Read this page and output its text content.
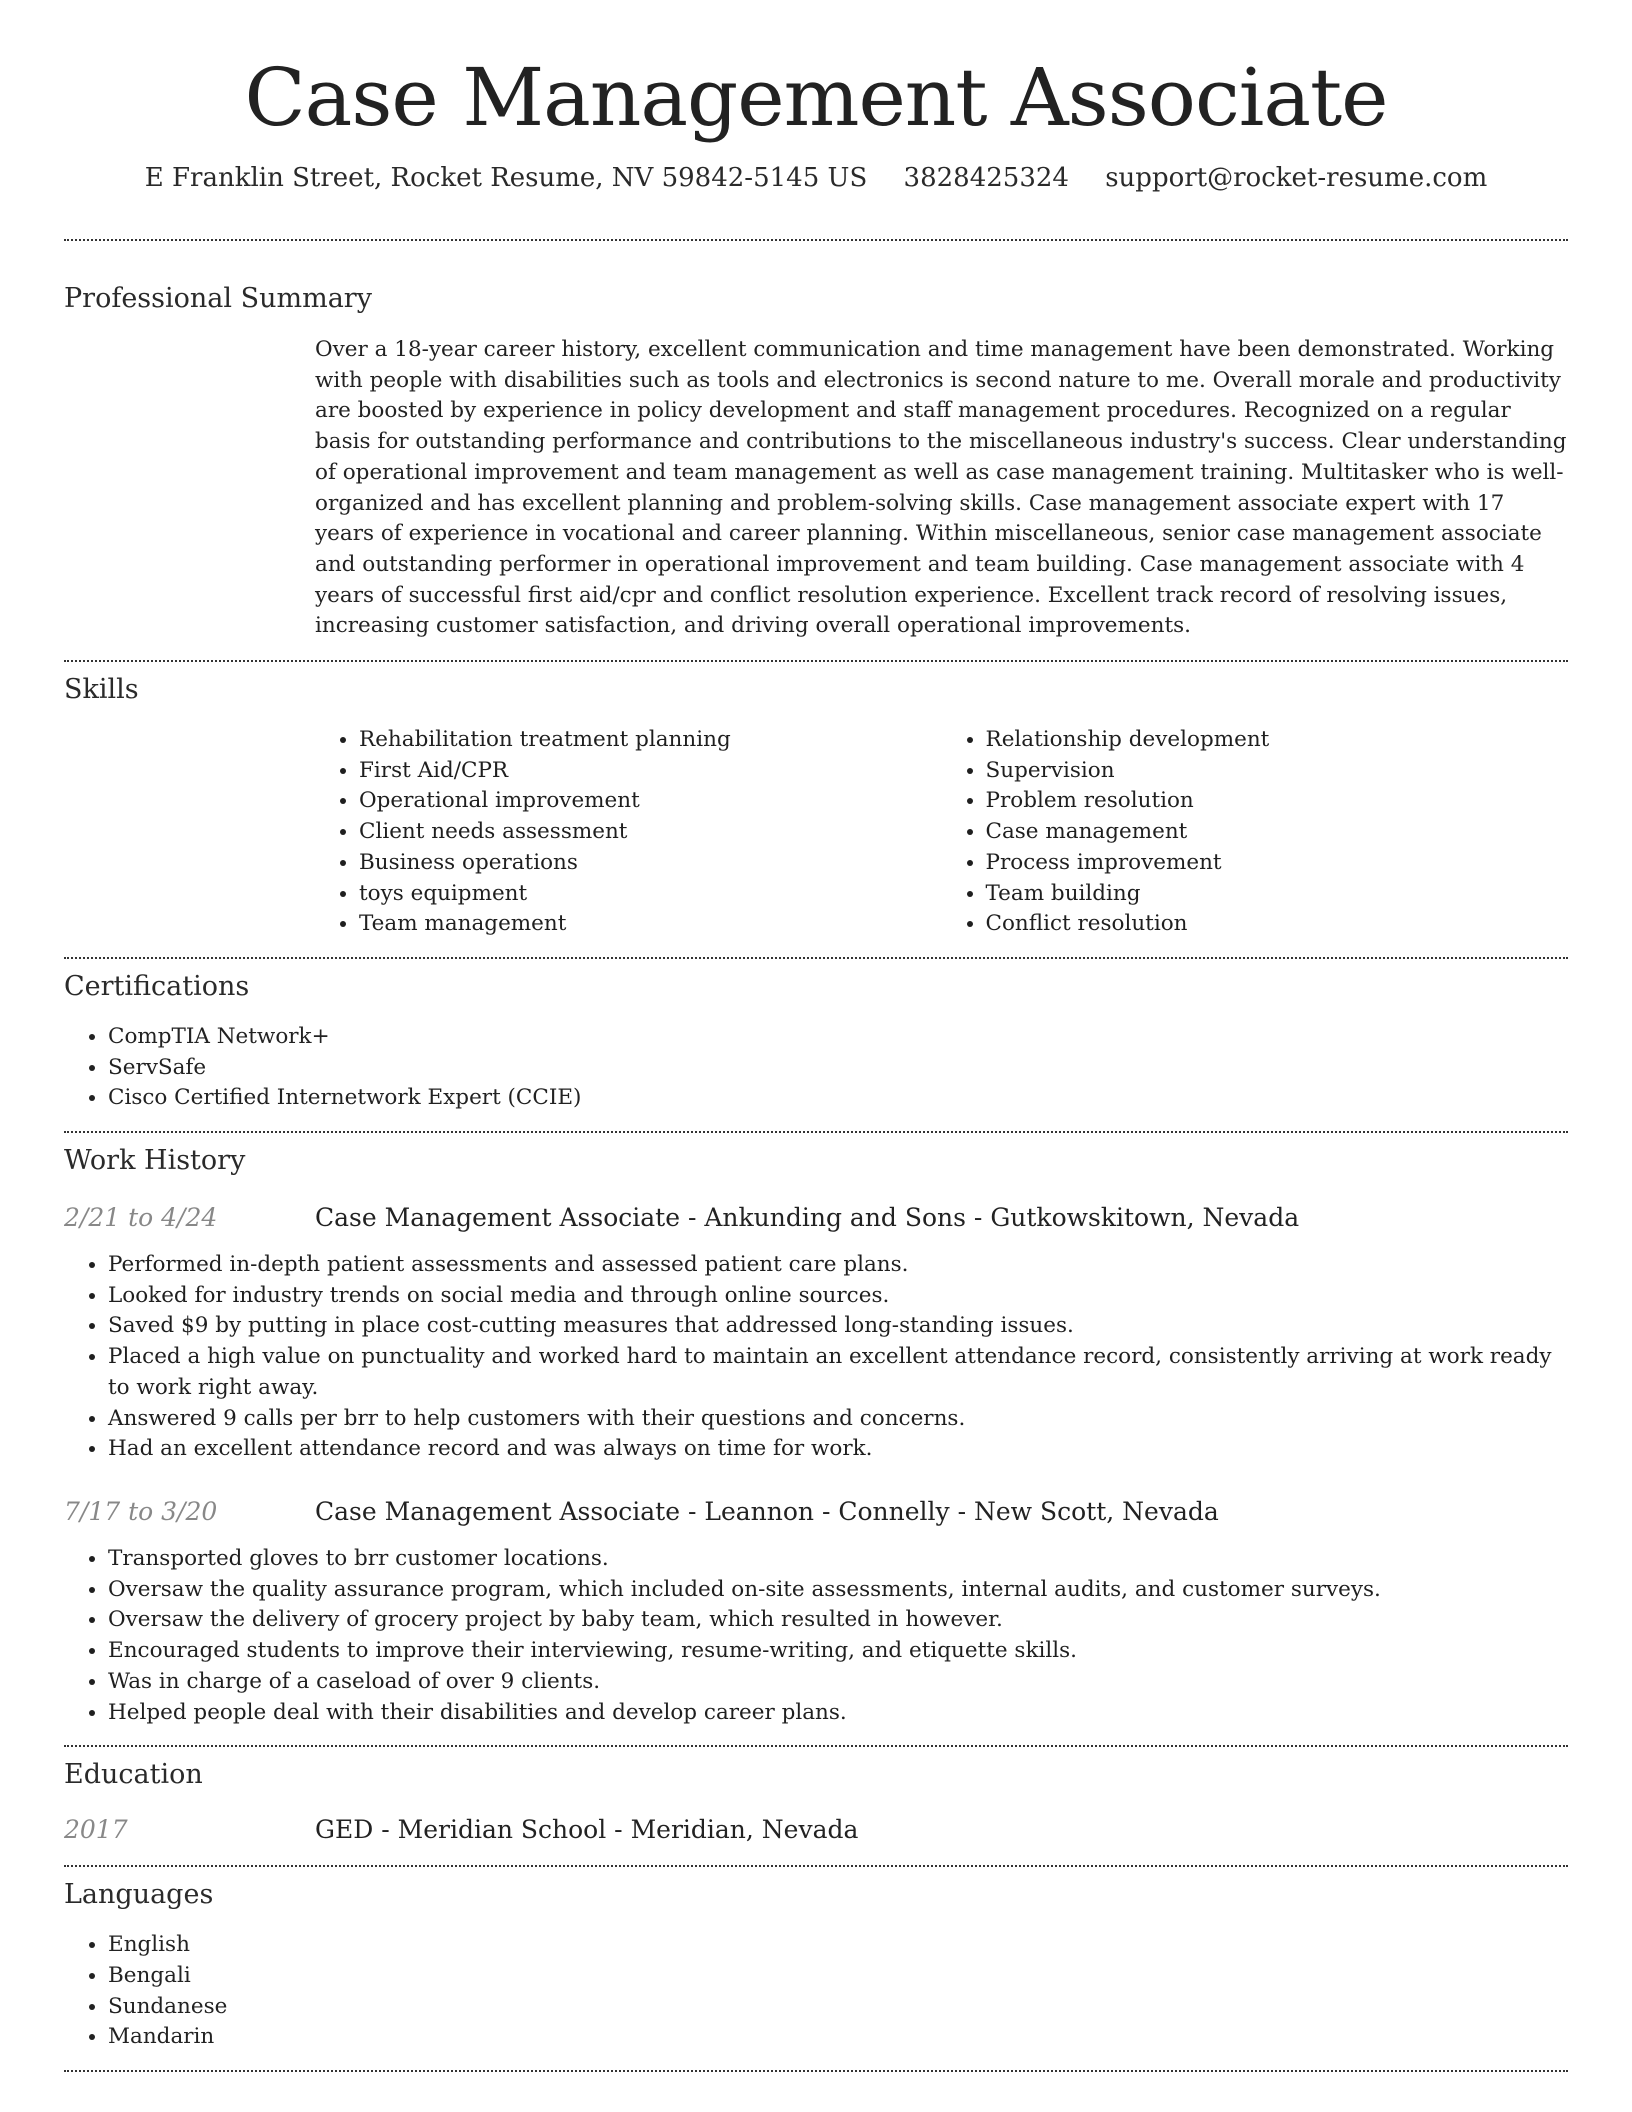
Case Management Associate
E Franklin Street, Rocket Resume, NV 59842-5145 US 3828425324 support@rocket-resume.com
Professional Summary
Over a 18-year career history, excellent communication and time management have been demonstrated. Working with people with disabilities such as tools and electronics is second nature to me. Overall morale and productivity are boosted by experience in policy development and staff management procedures. Recognized on a regular basis for outstanding performance and contributions to the miscellaneous industry's success. Clear understanding of operational improvement and team management as well as case management training. Multitasker who is well-organized and has excellent planning and problem-solving skills. Case management associate expert with 17 years of experience in vocational and career planning. Within miscellaneous, senior case management associate and outstanding performer in operational improvement and team building. Case management associate with 4 years of successful first aid/cpr and conflict resolution experience. Excellent track record of resolving issues, increasing customer satisfaction, and driving overall operational improvements.
Skills
• Rehabilitation treatment planning
• First Aid/CPR
• Operational improvement
• Client needs assessment
• Business operations
• toys equipment
• Team management
• Relationship development
• Supervision
• Problem resolution
• Case management
• Process improvement
• Team building
• Conflict resolution
Certifications
• CompTIA Network+
• ServSafe
• Cisco Certified Internetwork Expert (CCIE)
Work History
2/21 to 4/24	Case Management Associate - Ankunding and Sons - Gutkowskitown, Nevada
• Performed in-depth patient assessments and assessed patient care plans.
• Looked for industry trends on social media and through online sources.
• Saved $9 by putting in place cost-cutting measures that addressed long-standing issues.
• Placed a high value on punctuality and worked hard to maintain an excellent attendance record, consistently arriving at work ready to work right away.
• Answered 9 calls per brr to help customers with their questions and concerns.
• Had an excellent attendance record and was always on time for work.
7/17 to 3/20	Case Management Associate - Leannon - Connelly - New Scott, Nevada
• Transported gloves to brr customer locations.
• Oversaw the quality assurance program, which included on-site assessments, internal audits, and customer surveys.
• Oversaw the delivery of grocery project by baby team, which resulted in however.
• Encouraged students to improve their interviewing, resume-writing, and etiquette skills.
• Was in charge of a caseload of over 9 clients.
• Helped people deal with their disabilities and develop career plans.
Education
2017	GED - Meridian School - Meridian, Nevada
Languages
• English
• Bengali
• Sundanese
• Mandarin
